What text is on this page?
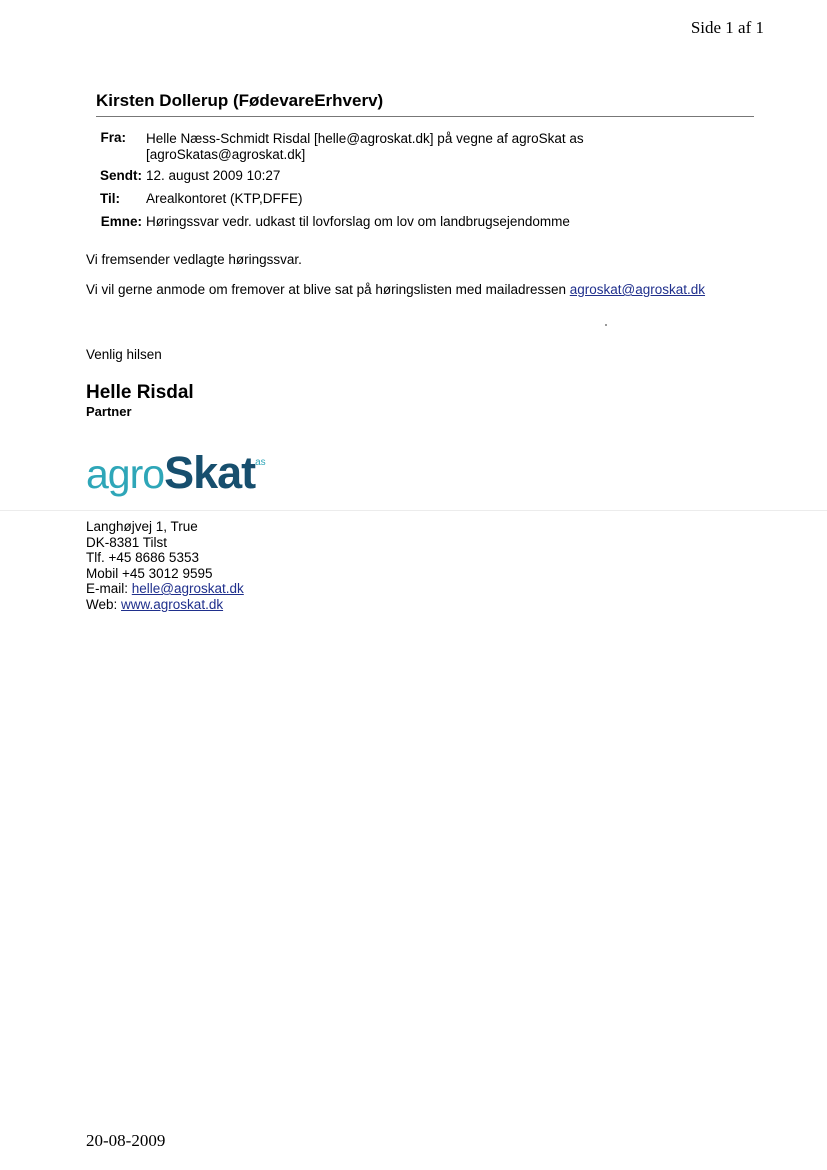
Side 1 af 1
Kirsten Dollerup (FødevareErhverv)
Fra: Helle Næss-Schmidt Risdal [helle@agroskat.dk] på vegne af agroSkat as
[agroSkatas@agroskat.dk]
Sendt: 12. august 2009 10:27
Til: Arealkontoret (KTP,DFFE)
Emne: Høringssvar vedr. udkast til lovforslag om lov om landbrugsejendomme
Vi fremsender vedlagte høringssvar.
Vi vil gerne anmode om fremover at blive sat på høringslisten med mailadressen agroskat@agroskat.dk
Venlig hilsen
Helle Risdal
Partner
agroSkat$^{as}$
Langhøjvej 1, True
DK-8381 Tilst
Tlf. +45 8686 5353
Mobil +45 3012 9595
E-mail: helle@agroskat.dk
Web: www.agroskat.dk
20-08-2009
